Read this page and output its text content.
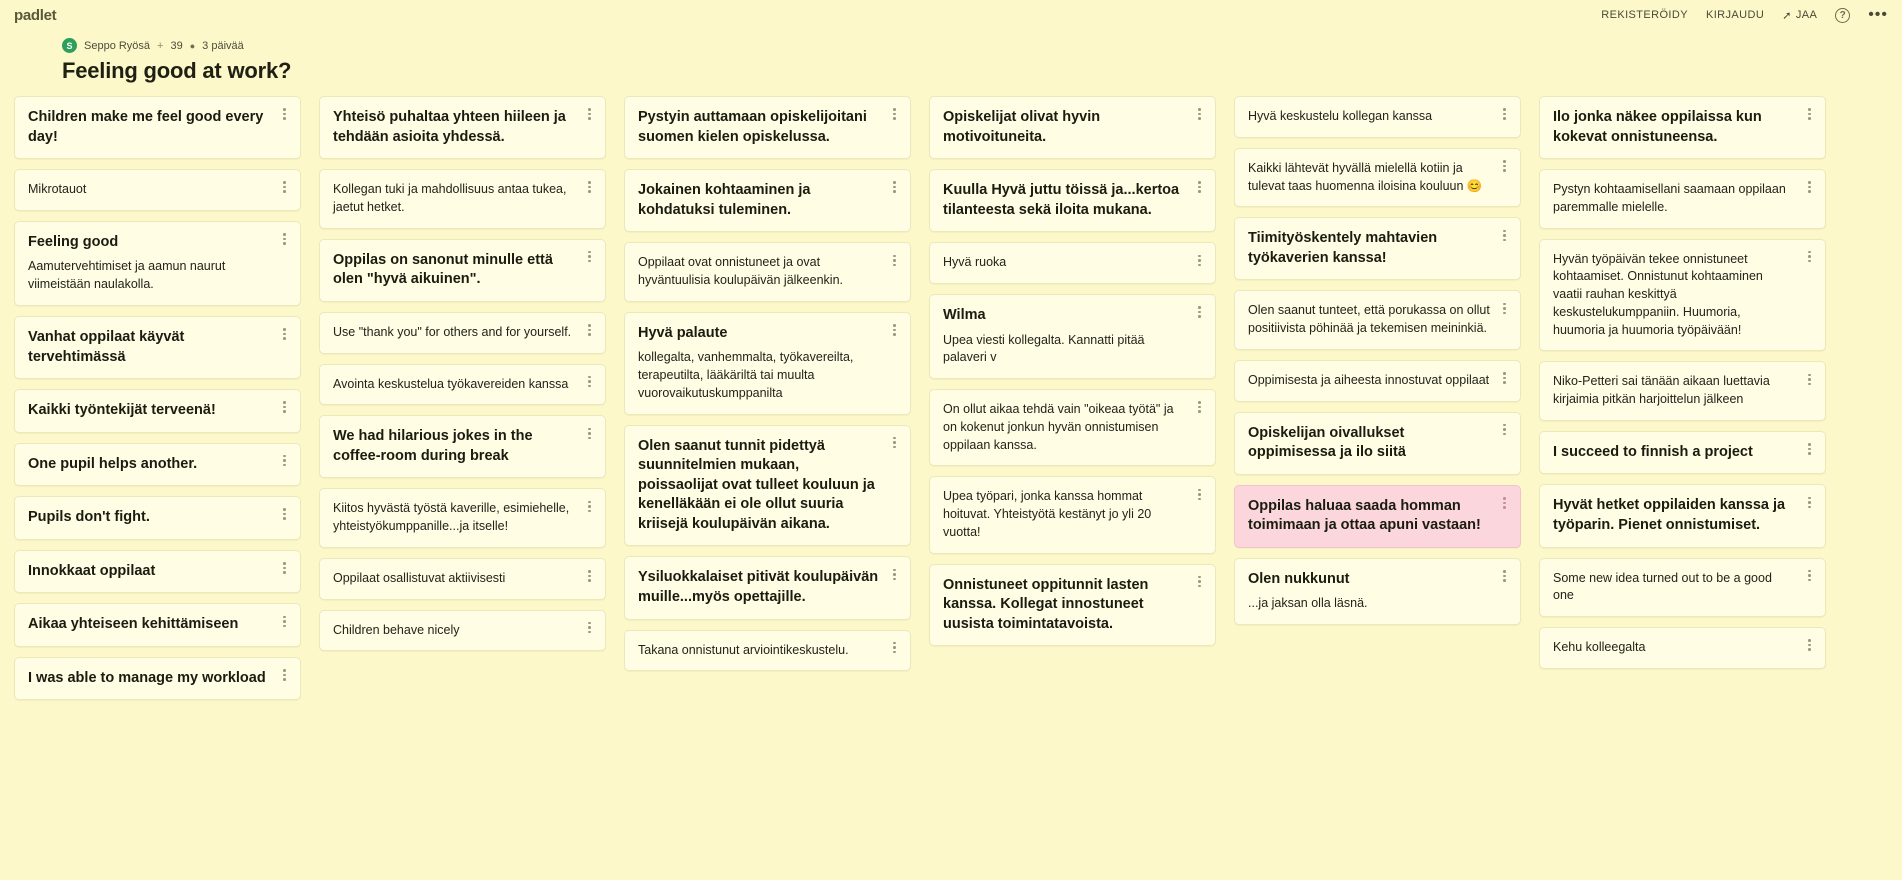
padlet	REKISTERÖIDY KIRJAUDU ➚ JAA	? •••
S	Seppo Ryösä + 39 ● 3 päivää
Feeling good at work?
Children make me feel good every day!
Mikrotauot
Feeling good
Aamutervehtimiset ja aamun naurut viimeistään naulakolla.
Vanhat oppilaat käyvät tervehtimässä
Kaikki työntekijät terveenä!
One pupil helps another.
Pupils don't fight.
Innokkaat oppilaat
Aikaa yhteiseen kehittämiseen
I was able to manage my workload
Yhteisö puhaltaa yhteen hiileen ja tehdään asioita yhdessä.
Kollegan tuki ja mahdollisuus antaa tukea, jaetut hetket.
Oppilas on sanonut minulle että olen "hyvä aikuinen".
Use "thank you" for others and for yourself.
Avointa keskustelua työkavereiden kanssa
We had hilarious jokes in the coffee-room during break
Kiitos hyvästä työstä kaverille, esimiehelle, yhteistyökumppanille...ja itselle!
Oppilaat osallistuvat aktiivisesti
Children behave nicely
Pystyin auttamaan opiskelijoitani suomen kielen opiskelussa.
Jokainen kohtaaminen ja kohdatuksi tuleminen.
Oppilaat ovat onnistuneet ja ovat hyväntuulisia koulupäivän jälkeenkin.
Hyvä palaute
kollegalta, vanhemmalta, työkavereilta, terapeutilta, lääkäriltä tai muulta vuorovaikutuskumppanilta
Olen saanut tunnit pidettyä suunnitelmien mukaan, poissaolijat ovat tulleet kouluun ja kenelläkään ei ole ollut suuria kriisejä koulupäivän aikana.
Ysiluokkalaiset pitivät koulupäivän muille...myös opettajille.
Takana onnistunut arviointikeskustelu.
Opiskelijat olivat hyvin motivoituneita.
Kuulla Hyvä juttu töissä ja...kertoa tilanteesta sekä iloita mukana.
Hyvä ruoka
Wilma
Upea viesti kollegalta. Kannatti pitää palaveri v
On ollut aikaa tehdä vain "oikeaa työtä" ja on kokenut jonkun hyvän onnistumisen oppilaan kanssa.
Upea työpari, jonka kanssa hommat hoituvat. Yhteistyötä kestänyt jo yli 20 vuotta!
Onnistuneet oppitunnit lasten kanssa. Kollegat innostuneet uusista toimintatavoista.
Hyvä keskustelu kollegan kanssa
Kaikki lähtevät hyvällä mielellä kotiin ja tulevat taas huomenna iloisina kouluun 😊
Tiimityöskentely mahtavien työkaverien kanssa!
Olen saanut tunteet, että porukassa on ollut positiivista pöhinää ja tekemisen meininkiä.
Oppimisesta ja aiheesta innostuvat oppilaat
Opiskelijan oivallukset oppimisessa ja ilo siitä
Oppilas haluaa saada homman toimimaan ja ottaa apuni vastaan!
Olen nukkunut
...ja jaksan olla läsnä.
Ilo jonka näkee oppilaissa kun kokevat onnistuneensa.
Pystyn kohtaamisellani saamaan oppilaan paremmalle mielelle.
Hyvän työpäivän tekee onnistuneet kohtaamiset. Onnistunut kohtaaminen vaatii rauhan keskittyä keskustelukumppaniin. Huumoria, huumoria ja huumoria työpäivään!
Niko-Petteri sai tänään aikaan luettavia kirjaimia pitkän harjoittelun jälkeen
I succeed to finnish a project
Hyvät hetket oppilaiden kanssa ja työparin. Pienet onnistumiset.
Some new idea turned out to be a good one
Kehu kolleegalta
